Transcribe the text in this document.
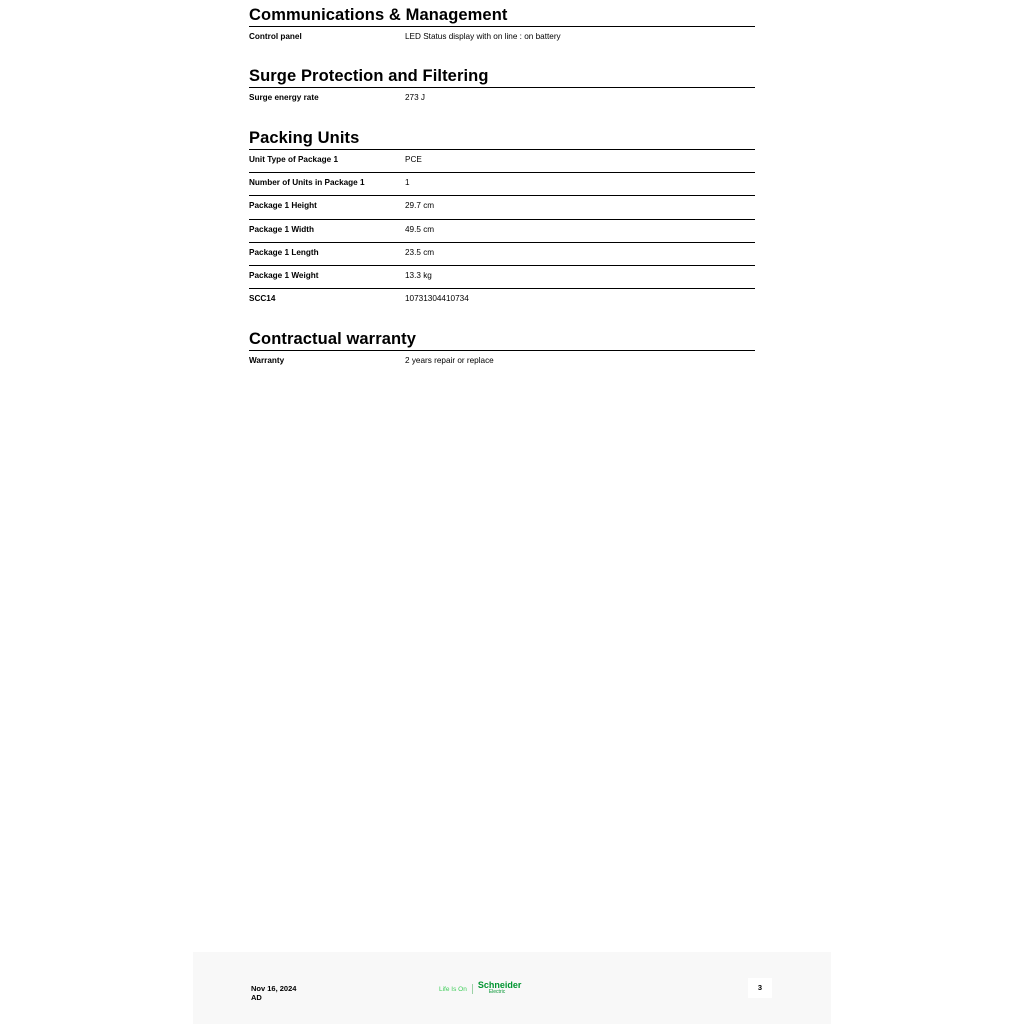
Communications & Management
Control panel	LED Status display with on line : on battery
Surge Protection and Filtering
Surge energy rate	273 J
Packing Units
Unit Type of Package 1	PCE
Number of Units in Package 1	1
Package 1 Height	29.7 cm
Package 1 Width	49.5 cm
Package 1 Length	23.5 cm
Package 1 Weight	13.3 kg
SCC14	10731304410734
Contractual warranty
Warranty	2 years repair or replace
Nov 16, 2024
AD
Life Is On Schneider
Electric	3
